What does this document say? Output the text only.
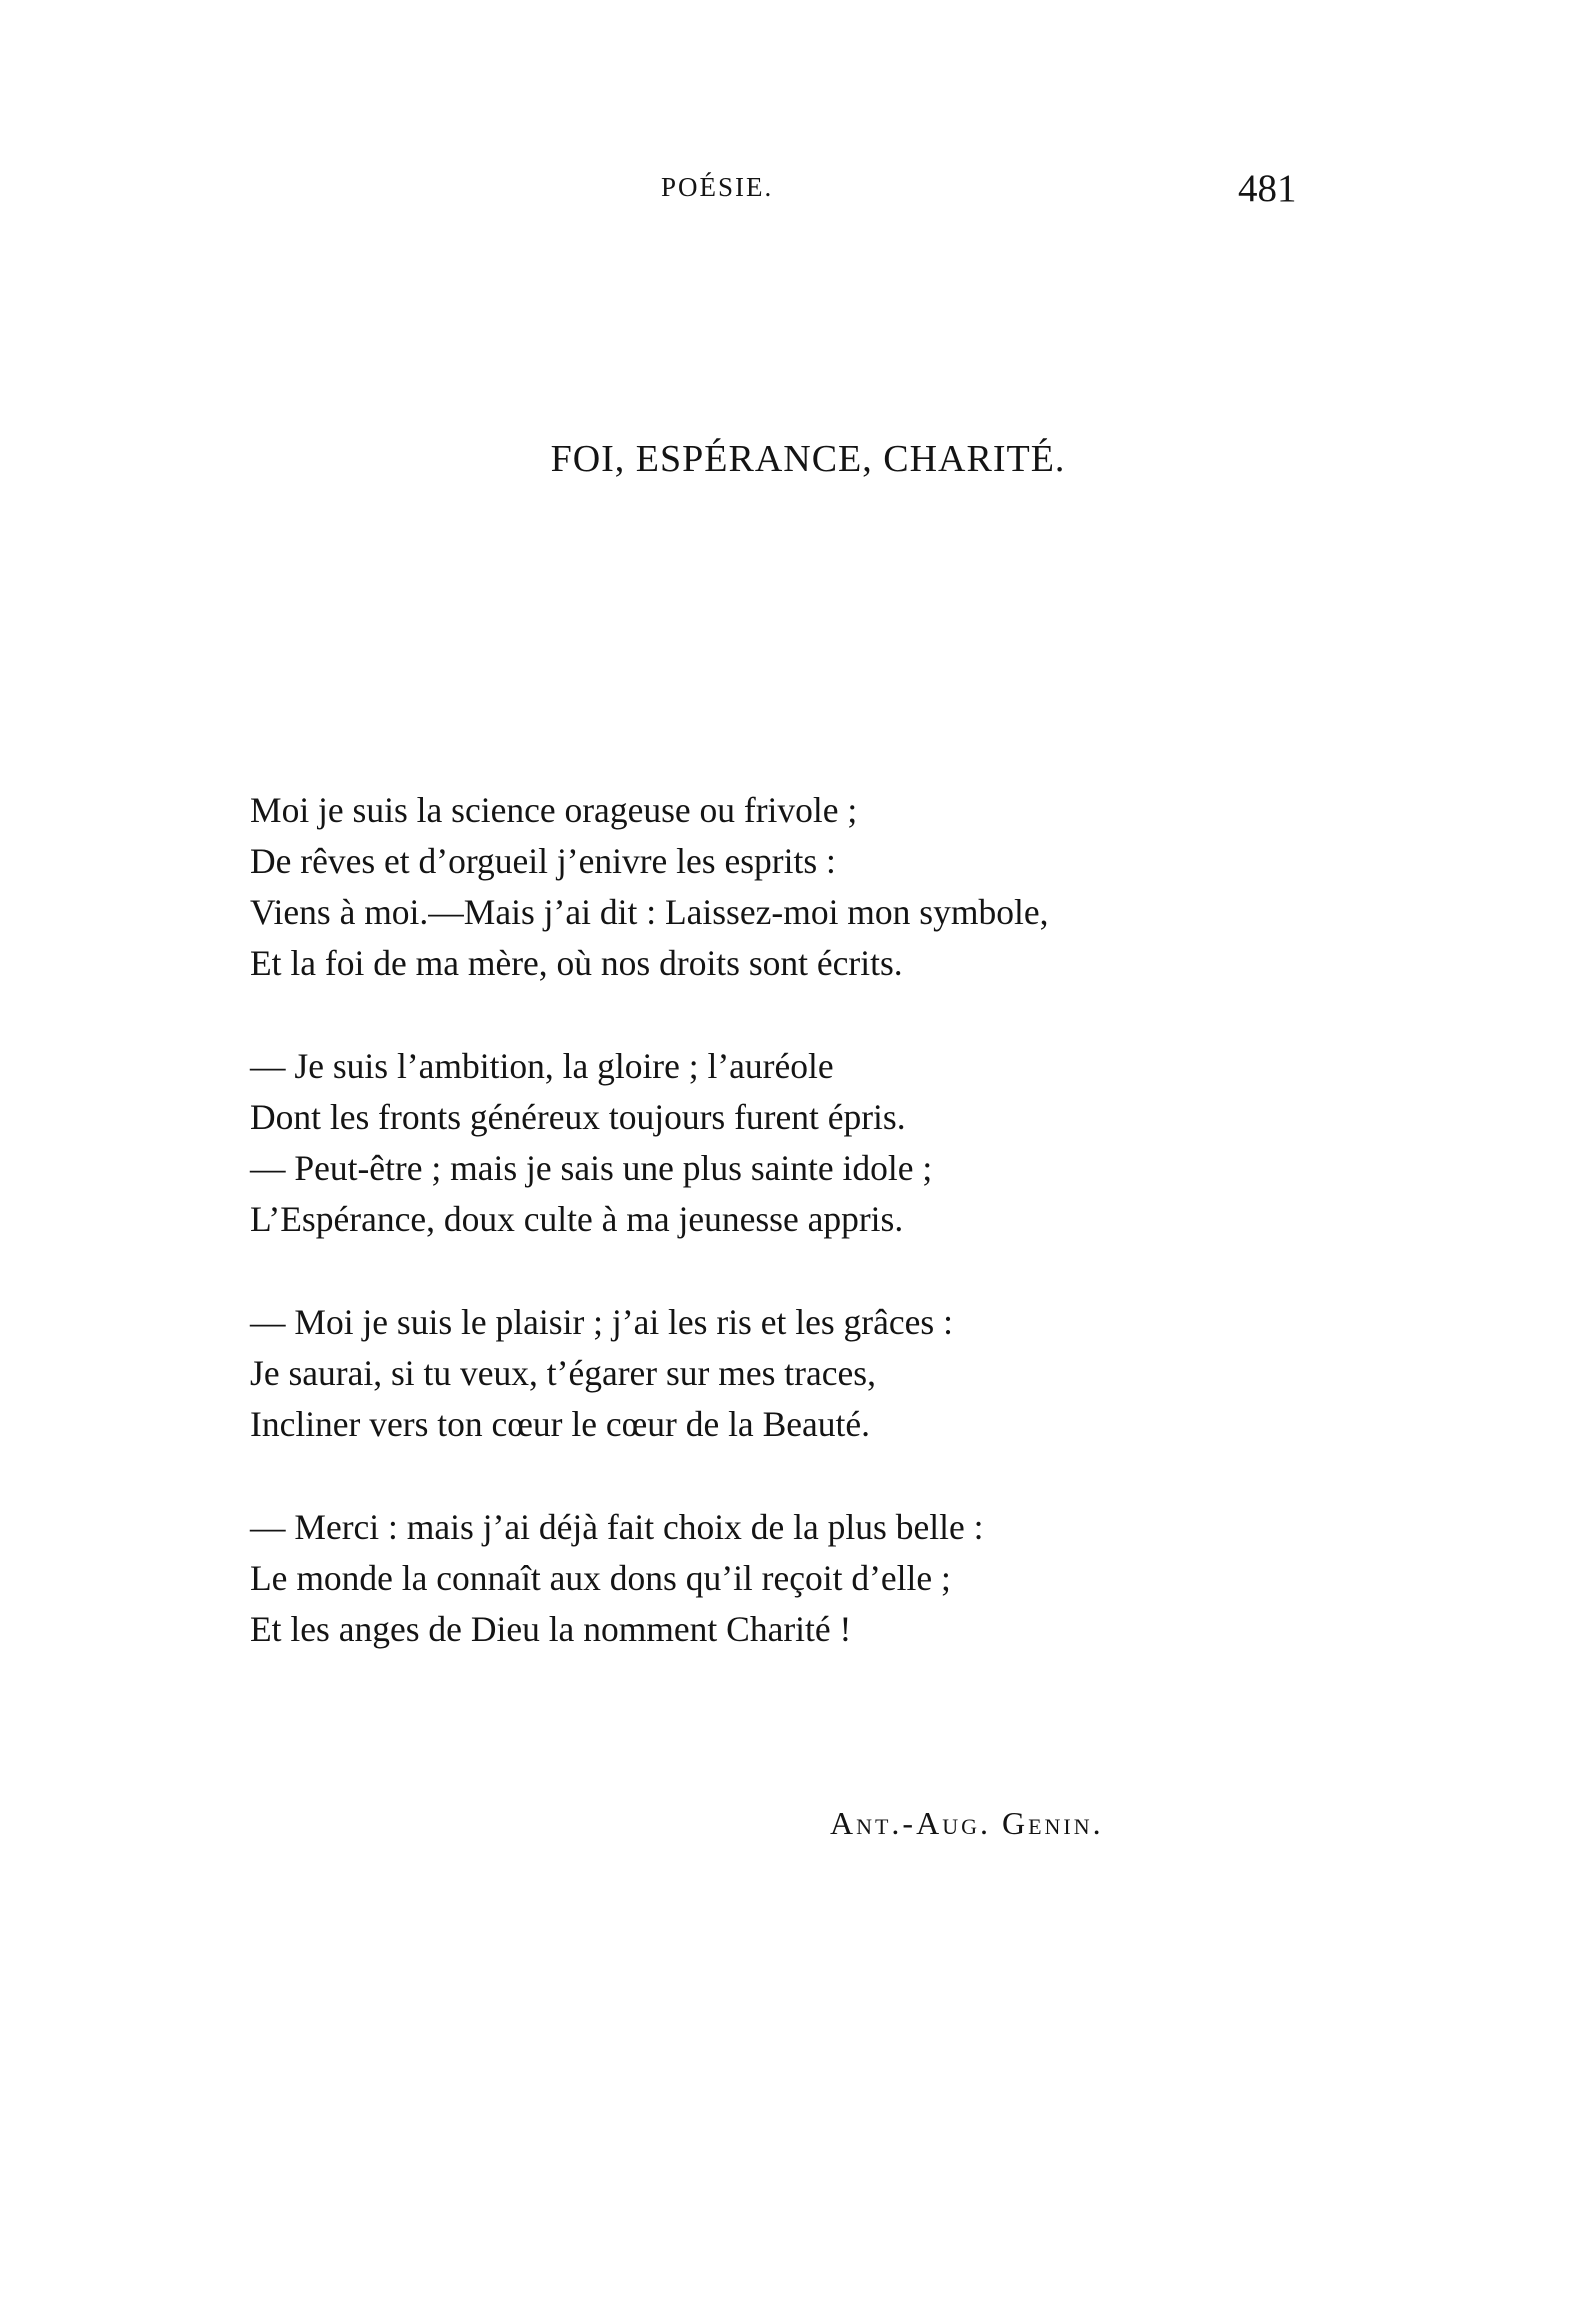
POÉSIE.	481
FOI, ESPÉRANCE, CHARITÉ.
Moi je suis la science orageuse ou frivole ;
De rêves et d’orgueil j’enivre les esprits :
Viens à moi.—Mais j’ai dit : Laissez-moi mon symbole,
Et la foi de ma mère, où nos droits sont écrits.
— Je suis l’ambition, la gloire ; l’auréole
Dont les fronts généreux toujours furent épris.
— Peut-être ; mais je sais une plus sainte idole ;
L’Espérance, doux culte à ma jeunesse appris.
— Moi je suis le plaisir ; j’ai les ris et les grâces :
Je saurai, si tu veux, t’égarer sur mes traces,
Incliner vers ton cœur le cœur de la Beauté.
— Merci : mais j’ai déjà fait choix de la plus belle :
Le monde la connaît aux dons qu’il reçoit d’elle ;
Et les anges de Dieu la nomment Charité !
Ant.-Aug. Genin.
